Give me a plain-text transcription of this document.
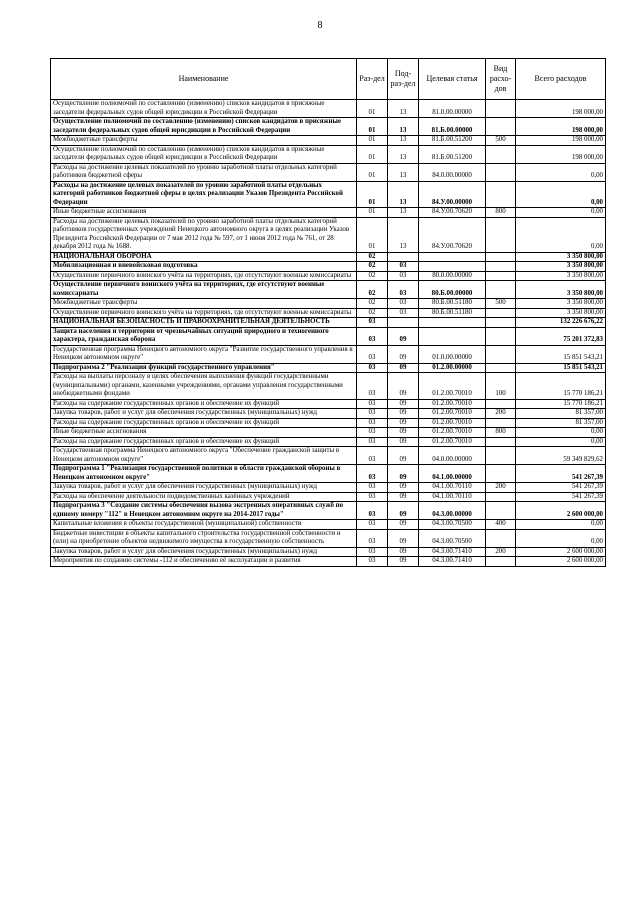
8
Наименование	Раз-дел	Под-раз-дел	Целевая статья	Вид расхо-дов	Всего расходов
Осуществление полномочий по составлению (изменению) списков кандидатов в присяжные заседатели федеральных судов общей юрисдикции в Российской Федерации	01	13	81.0.00.00000		198 000,00
Осуществление полномочий по составлению (изменению) списков кандидатов в присяжные заседатели федеральных судов общей юрисдикции в Российской Федерации	01	13	81.Б.00.00000		198 000,00
Межбюджетные трансферты	01	13	81.Б.00.51200	500	198 000,00
Осуществление полномочий по составлению (изменению) списков кандидатов в присяжные заседатели федеральных судов общей юрисдикции в Российской Федерации	01	13	81.Б.00.51200		198 000,00
Расходы на достижение целевых показателей по уровню заработной платы отдельных категорий работников бюджетной сферы	01	13	84.0.00.00000		0,00
Расходы на достижение целевых показателей по уровню заработной платы отдельных категорий работников бюджетной сферы в целях реализации Указов Президента Российской Федерации	01	13	84.У.00.00000		0,00
Иные бюджетные ассигнования	01	13	84.У.00.70620	800	0,00
Расходы на достижение целевых показателей по уровню заработной платы отдельных категорий работников государственных учреждений Ненецкого автономного округа в целях реализации Указов Президента Российской Федерации от 7 мая 2012 года № 597, от 1 июня 2012 года № 761, от 28 декабря 2012 года № 1688.	01	13	84.У.00.70620		0,00
НАЦИОНАЛЬНАЯ ОБОРОНА	02				3 350 800,00
Мобилизационная и вневойсковая подготовка	02	03			3 350 800,00
Осуществление первичного воинского учёта на территориях, где отсутствуют военные комиссариаты	02	03	80.0.00.00000		3 350 800,00
Осуществление первичного воинского учёта на территориях, где отсутствуют военные комиссариаты	02	03	80.Б.00.00000		3 350 800,00
Межбюджетные трансферты	02	03	80.Б.00.51180	500	3 350 800,00
Осуществление первичного воинского учёта на территориях, где отсутствуют военные комиссариаты	02	03	80.Б.00.51180		3 350 800,00
НАЦИОНАЛЬНАЯ БЕЗОПАСНОСТЬ И ПРАВООХРАНИТЕЛЬНАЯ ДЕЯТЕЛЬНОСТЬ	03				132 226 676,22
Защита населения и территории от чрезвычайных ситуаций природного и техногенного характера, гражданская оборона	03	09			75 201 372,83
Государственная программа Ненецкого автономного округа "Развитие государственного управления в Ненецком автономном округе"	03	09	01.0.00.00000		15 851 543,21
Подпрограмма 2 "Реализация функций государственного управления"	03	09	01.2.00.00000		15 851 543,21
Расходы на выплаты персоналу в целях обеспечения выполнения функций государственными (муниципальными) органами, казенными учреждениями, органами управления государственными внебюджетными фондами	03	09	01.2.00.70010	100	15 770 186,21
Расходы на содержание государственных органов и обеспечение их функций	03	09	01.2.00.70010		15 770 186,21
Закупка товаров, работ и услуг для обеспечения государственных (муниципальных) нужд	03	09	01.2.00.70010	200	81 357,00
Расходы на содержание государственных органов и обеспечение их функций	03	09	01.2.00.70010		81 357,00
Иные бюджетные ассигнования	03	09	01.2.00.70010	800	0,00
Расходы на содержание государственных органов и обеспечение их функций	03	09	01.2.00.70010		0,00
Государственная программа Ненецкого автономного округа "Обеспечение гражданской защиты в Ненецком автономном округе"	03	09	04.0.00.00000		59 349 829,62
Подпрограмма 1 "Реализация государственной политики в области гражданской обороны в Ненецком автономном округе"	03	09	04.1.00.00000		541 267,39
Закупка товаров, работ и услуг для обеспечения государственных (муниципальных) нужд	03	09	04.1.00.70110	200	541 267,39
Расходы на обеспечение деятельности подведомственных казённых учреждений	03	09	04.1.00.70110		541 267,39
Подпрограмма 3 "Создание системы обеспечения вызова экстренных оперативных служб по единому номеру "112" в Ненецком автономном округе на 2014-2017 годы"	03	09	04.3.00.00000		2 600 000,00
Капитальные вложения в объекты государственной (муниципальной) собственности	03	09	04.3.00.70500	400	0,00
Бюджетные инвестиции в объекты капитального строительства государственной собственности и (или) на приобретение объектов недвижимого имущества в государственную собственность	03	09	04.3.00.70500		0,00
Закупка товаров, работ и услуг для обеспечения государственных (муниципальных) нужд	03	09	04.3.00.71410	200	2 600 000,00
Мероприятия по созданию системы -112 и обеспечению её эксплуатации и развития	03	09	04.3.00.71410		2 600 000,00
